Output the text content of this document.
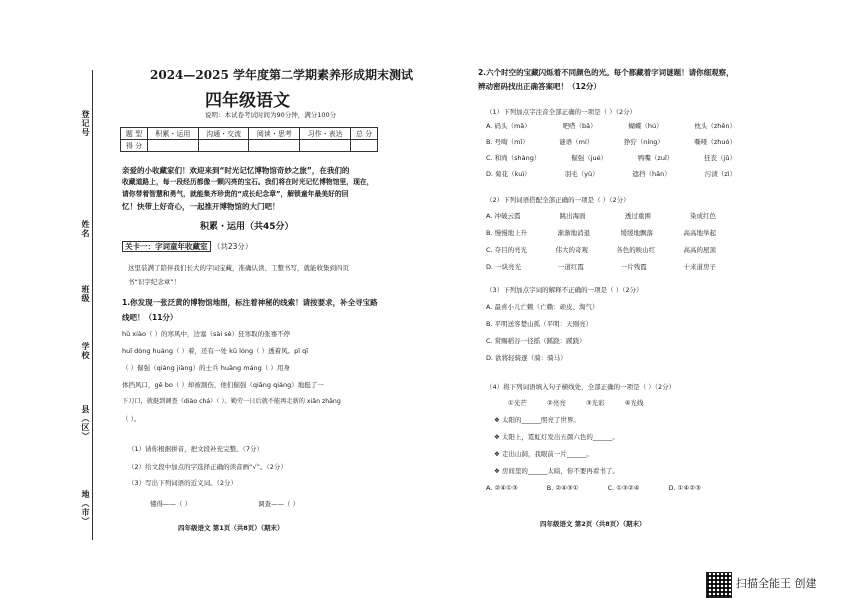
登记号
姓名
班级
学校
县（区）
地（市）
2024—2025 学年度第二学期素养形成期末测试
四年级语文
说明：本试卷考试时间为90分钟，满分100分
题 型	积累・运用	沟通・交流	阅读・思考	习作・表达	总 分
得 分					
亲爱的小收藏家们！欢迎来到“时光记忆博物馆奇妙之旅”，在我们的
收藏道路上，每一段经历都像一颗闪亮的宝石。我们将在时光记忆博物馆里，现在，
请你带着智慧和勇气，就能集齐珍贵的“成长纪念章”，解锁童年最美好的回
忆！快带上好奇心，一起推开博物馆的大门吧！
积累・运用（共45分）
关卡一：字词童年收藏室 （共23分）
这里装满了陪伴我们长大的字词宝藏，准确认读、工整书写，就能收集到四页
书“识字纪念章”！
1.你发现一张泛黄的博物馆地图，标注着神秘的线索！请按要求，补全寻宝路
线吧！（11分）
hū xiào（ ）的寒风中，边塞（sài sè）狂寒取的张骞不停
huī dòng huáng（ ）着，还有一处 kū lóng（ ）透着风。pī qī
（ ）倔强（qiáng jiàng）的士兵 huāng máng（ ）用身
体挡风口，gē bo（ ）却被割伤，他们倔强（qiǎng qiáng）地挺了一
下刀口，就挺到调查（diào chá）（ ）。勤劳一日后就不能再走新的 xiǎn zhāng
（ ）。
（1）请你根据拼音，把文段补充完整。（7分）
（2）给文段中加点的字选择正确的读音画“√”。（2分）
（3）写出下列词语的近义词。（2分）
懂得——（ ）	调查——（ ）
四年级语文 第1页（共8页）（期末）
2.六个时空的宝藏闪烁着不同颜色的光。每个都藏着字词谜题！请你细观察，
辨动密码找出正确答案吧！（12分）
（1）下列加点字注音全部正确的一项是（ ）（2分）
A. 码头（mǎ）	吧嗒（bā）	蝴蝶（hú）	枕头（zhěn）
B. 号啕（mǐ）	谜语（mí）	狰狞（níng）	嘶哑（zhuó）
C. 和尚（shàng）	倔强（jué）	鸭嘴（zuǐ）	狂丧（jǔ）
D. 菊花（kuì）	羽毛（yǔ）	遮挡（hān）	污渍（zì）
（2）下列词语搭配全部正确的一项是（ ）（2分）
A. 冲破云霞	跳出海面	透过重围	染成红色
B. 慢慢地上升	渐渐地消退	缓缓地飘落	高高地举起
C. 夺目的亮光	伟大的奇观	各色的映山红	高高的屋顶
D. 一块亮光	一道红霞	一片残霞	十来道房子
（3）下列加点字词的解释不正确的一项是（ ）（2分）
A. 最喜小儿亡赖（亡赖：顽皮、淘气）
B. 平明送客楚山孤（平明：天刚亮）
C. 赏赐稻谷一径摇（蹊跷：蹊跷）
D. 欲将轻骑逐（骑：骑马）
（4）将下列词语填入句子横线处，全部正确的一项是（ ）（2分）
①光芒	②亮亮	③光彩	④光线
❖ 太阳的______照亮了世界。
❖ 太阳上，霓虹灯发出五颜六色的______。
❖ 走出山洞，我眼前一片______。
❖ 房间里的______太暗，你不要再看书了。
A. ②④①③	B. ②④③①	C. ①③②④	D. ①④②③
四年级语文 第2页（共8页）（期末）
扫描全能王 创建
